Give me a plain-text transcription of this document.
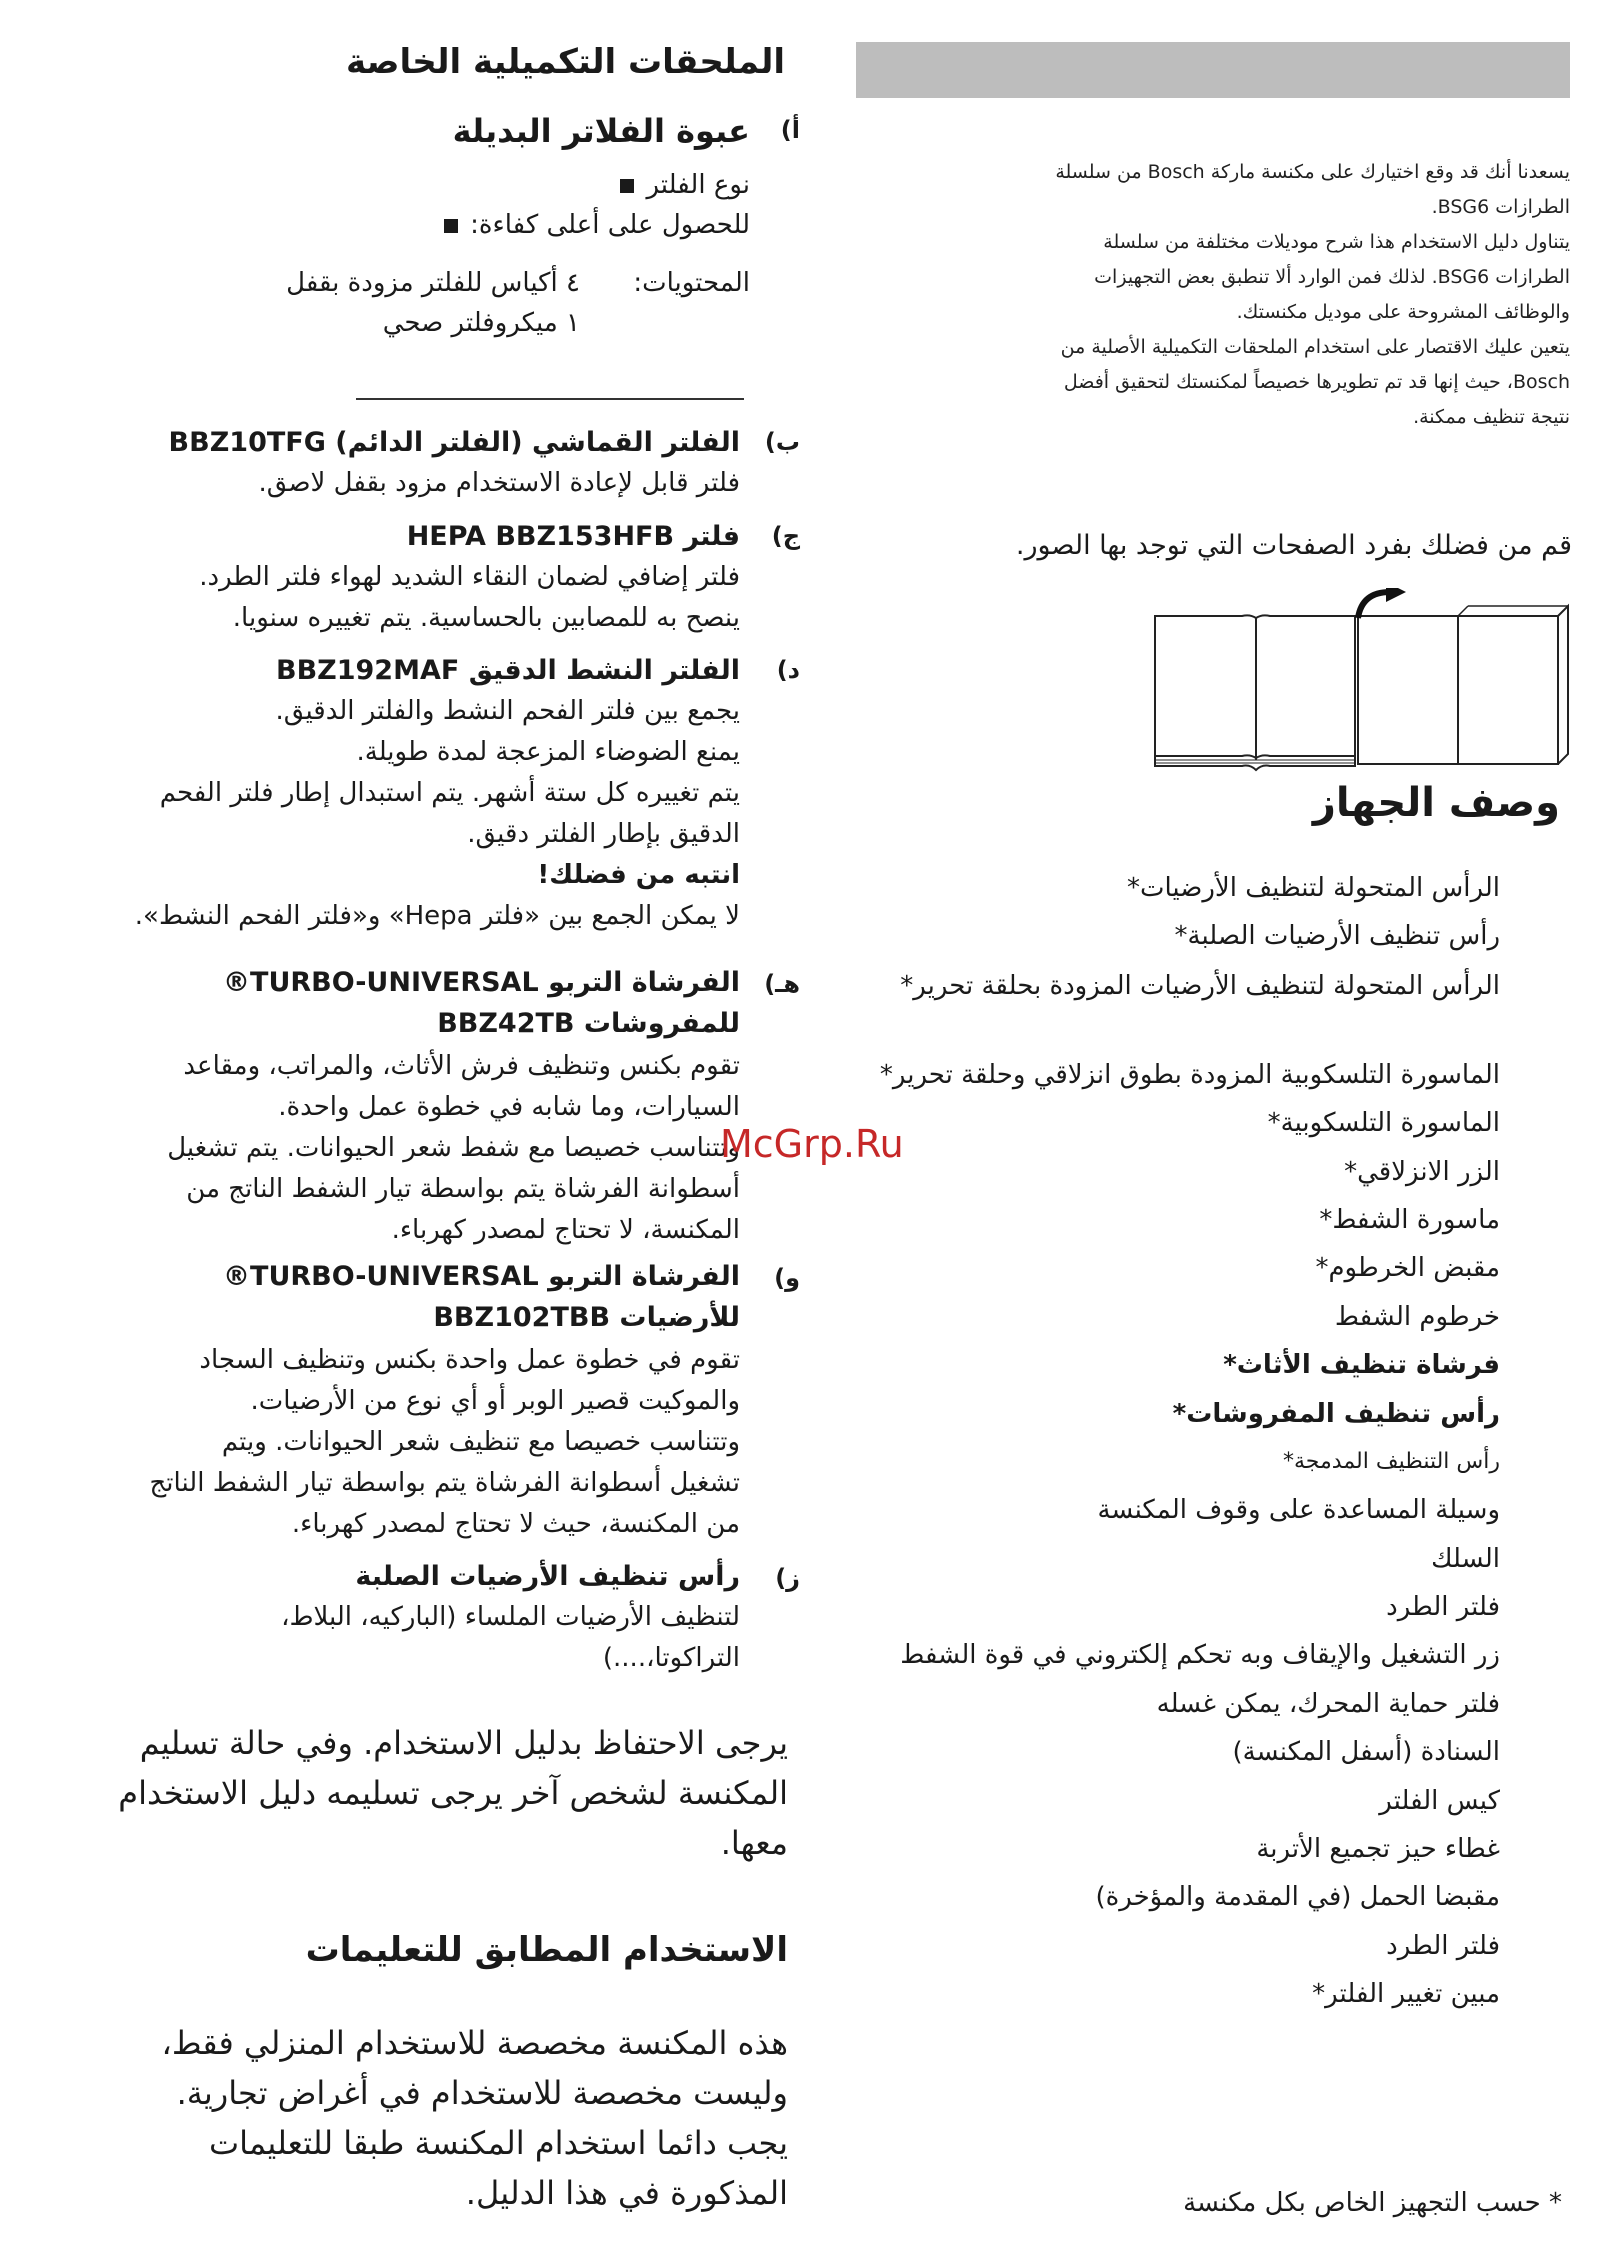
يسعدنا أنك قد وقع اختيارك على مكنسة ماركة Bosch من سلسلة
الطرازات BSG6.
يتناول دليل الاستخدام هذا شرح موديلات مختلفة من سلسلة
الطرازات BSG6. لذلك فمن الوارد ألا تنطبق بعض التجهيزات
والوظائف المشروحة على موديل مكنستك.
يتعين عليك الاقتصار على استخدام الملحقات التكميلية الأصلية من
Bosch، حيث إنها قد تم تطويرها خصيصاً لمكنستك لتحقيق أفضل
نتيجة تنظيف ممكنة.
قم من فضلك بفرد الصفحات التي توجد بها الصور.
وصف الجهاز
الرأس المتحولة لتنظيف الأرضيات*
رأس تنظيف الأرضيات الصلبة*
الرأس المتحولة لتنظيف الأرضيات المزودة بحلقة تحرير*
الماسورة التلسكوبية المزودة بطوق انزلاقي وحلقة تحرير*
الماسورة التلسكوبية*
الزر الانزلاقي*
ماسورة الشفط*
مقبض الخرطوم*
خرطوم الشفط
فرشاة تنظيف الأثاث*
رأس تنظيف المفروشات*
رأس التنظيف المدمجة*
وسيلة المساعدة على وقوف المكنسة
السلك
فلتر الطرد
زر التشغيل والإيقاف وبه تحكم إلكتروني في قوة الشفط
فلتر حماية المحرك، يمكن غسله
السنادة (أسفل المكنسة)
كيس الفلتر
غطاء حيز تجميع الأتربة
مقبضا الحمل (في المقدمة والمؤخرة)
فلتر الطرد
مبين تغيير الفلتر*
* حسب التجهيز الخاص بكل مكنسة
الملحقات التكميلية الخاصة
أ)
عبوة الفلاتر البديلة
نوع الفلتر
للحصول على أعلى كفاءة:
المحتويات:
٤ أكياس للفلتر مزودة بقفل
١ ميكروفلتر صحي
ب)
الفلتر القماشي (الفلتر الدائم) BBZ10TFG
فلتر قابل لإعادة الاستخدام مزود بقفل لاصق.
ج)
فلتر HEPA BBZ153HFB
فلتر إضافي لضمان النقاء الشديد لهواء فلتر الطرد.
ينصح به للمصابين بالحساسية. يتم تغييره سنويا.
د)
الفلتر النشط الدقيق BBZ192MAF
يجمع بين فلتر الفحم النشط والفلتر الدقيق.
يمنع الضوضاء المزعجة لمدة طويلة.
يتم تغييره كل ستة أشهر. يتم استبدال إطار فلتر الفحم
الدقيق بإطار الفلتر دقيق.
انتبه من فضلك!
لا يمكن الجمع بين «فلتر Hepa» و«فلتر الفحم النشط».
هـ)
الفرشاة التربو TURBO-UNIVERSAL® للمفروشات BBZ42TB
تقوم بكنس وتنظيف فرش الأثاث، والمراتب، ومقاعد
السيارات، وما شابه في خطوة عمل واحدة.
وتتناسب خصيصا مع شفط شعر الحيوانات. يتم تشغيل
أسطوانة الفرشاة يتم بواسطة تيار الشفط الناتج من
المكنسة، لا تحتاج لمصدر كهرباء.
و)
الفرشاة التربو TURBO-UNIVERSAL® للأرضيات BBZ102TBB
تقوم في خطوة عمل واحدة بكنس وتنظيف السجاد
والموكيت قصير الوبر أو أي نوع من الأرضيات.
وتتناسب خصيصا مع تنظيف شعر الحيوانات. ويتم
تشغيل أسطوانة الفرشاة يتم بواسطة تيار الشفط الناتج
من المكنسة، حيث لا تحتاج لمصدر كهرباء.
ز)
رأس تنظيف الأرضيات الصلبة
لتنظيف الأرضيات الملساء (الباركيه، البلاط،
التراكوتا،....)
يرجى الاحتفاظ بدليل الاستخدام. وفي حالة تسليم
المكنسة لشخص آخر يرجى تسليمه دليل الاستخدام
معها.
الاستخدام المطابق للتعليمات
هذه المكنسة مخصصة للاستخدام المنزلي فقط،
وليست مخصصة للاستخدام في أغراض تجارية.
يجب دائما استخدام المكنسة طبقا للتعليمات
المذكورة في هذا الدليل.
McGrp.Ru
